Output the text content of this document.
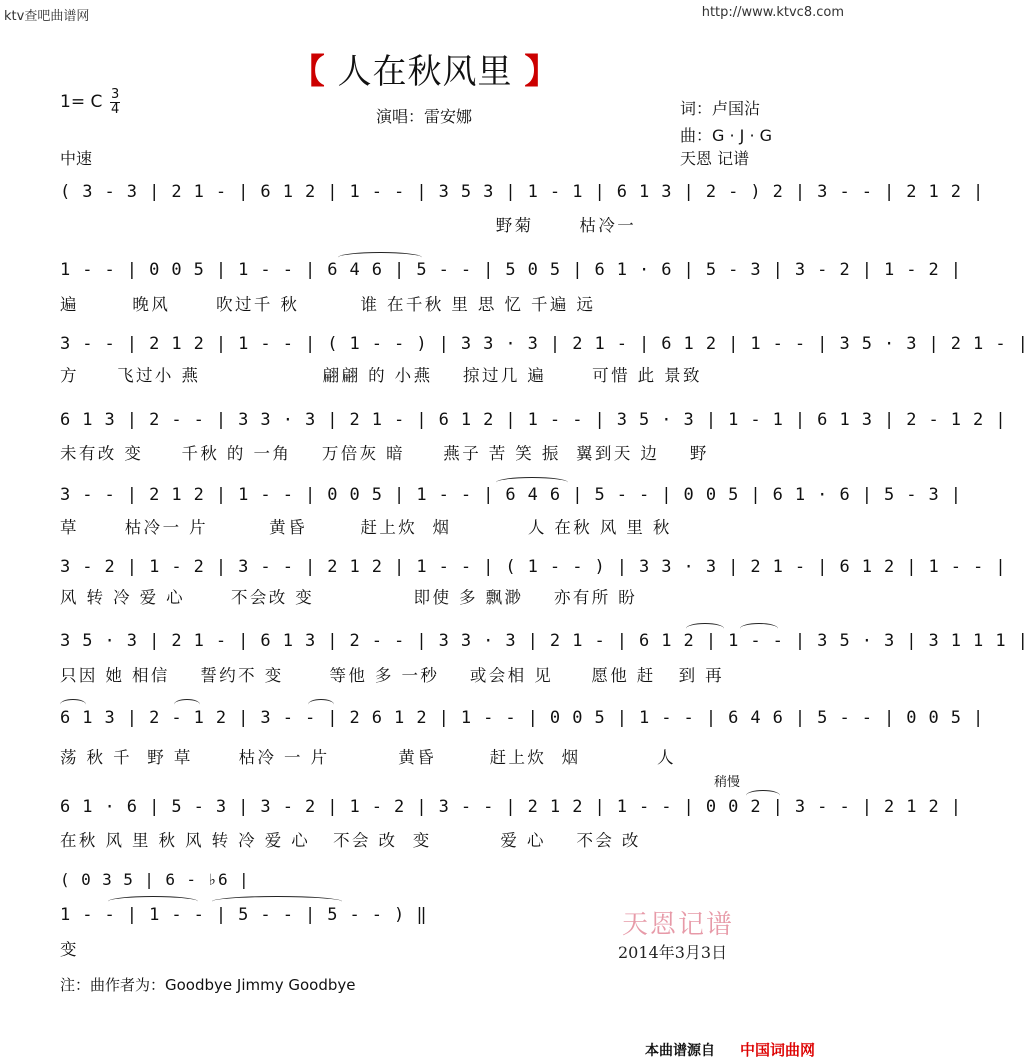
ktv查吧曲谱网	http://www.ktvc8.com
【 人在秋风里 】
1= C 3
4	演唱：雷安娜	词：卢国沾
曲：G · J · G
中速	天恩 记谱
( 3 - 3 | 2 1 - | 6 1 2 | 1 - - | 3 5 3 | 1 - 1 | 6 1 3 | 2 - ) 2 | 3 - - | 2 1 2 |
野菊      枯冷一
1 - - | 0 0 5 | 1 - - | 6 4 6 | 5 - - | 5 0 5 | 6 1 · 6 | 5 - 3 | 3 - 2 | 1 - 2 |
遍       晚风      吹过千 秋        谁 在千秋 里 思 忆 千遍 远
3 - - | 2 1 2 | 1 - - | ( 1 - - ) | 3 3 · 3 | 2 1 - | 6 1 2 | 1 - - | 3 5 · 3 | 2 1 - |
方     飞过小 燕                翩翩 的 小燕    掠过几 遍      可惜 此 景致
6 1 3 | 2 - - | 3 3 · 3 | 2 1 - | 6 1 2 | 1 - - | 3 5 · 3 | 1 - 1 | 6 1 3 | 2 - 1 2 |
未有改 变     千秋 的 一角    万倍灰 暗     燕子 苦 笑 振  翼到天 边    野
3 - - | 2 1 2 | 1 - - | 0 0 5 | 1 - - | 6 4 6 | 5 - - | 0 0 5 | 6 1 · 6 | 5 - 3 |
草      枯冷一 片        黄昏       赶上炊  烟          人 在秋 风 里 秋
3 - 2 | 1 - 2 | 3 - - | 2 1 2 | 1 - - | ( 1 - - ) | 3 3 · 3 | 2 1 - | 6 1 2 | 1 - - |
风 转 冷 爱 心      不会改 变             即使 多 飘渺    亦有所 盼
3 5 · 3 | 2 1 - | 6 1 3 | 2 - - | 3 3 · 3 | 2 1 - | 6 1 2 | 1 - - | 3 5 · 3 | 3 1 1 1 |
只因 她 相信    誓约不 变      等他 多 一秒    或会相 见     愿他 赶   到 再
6 1 3 | 2 - 1 2 | 3 - - | 2 6 1 2 | 1 - - | 0 0 5 | 1 - - | 6 4 6 | 5 - - | 0 0 5 |
荡 秋 千  野 草      枯冷 一 片         黄昏       赶上炊  烟          人
稍慢
6 1 · 6 | 5 - 3 | 3 - 2 | 1 - 2 | 3 - - | 2 1 2 | 1 - - | 0 0 2 | 3 - - | 2 1 2 |
在秋 风 里 秋 风 转 冷 爱 心   不会 改  变         爱 心    不会 改
( 0 3 5 | 6 - ♭6 |
1 - - | 1 - - | 5 - - | 5 - - ) ‖
变
天恩记谱
2014年3月3日
注：曲作者为：Goodbye Jimmy Goodbye
本曲谱源自 中国词曲网
